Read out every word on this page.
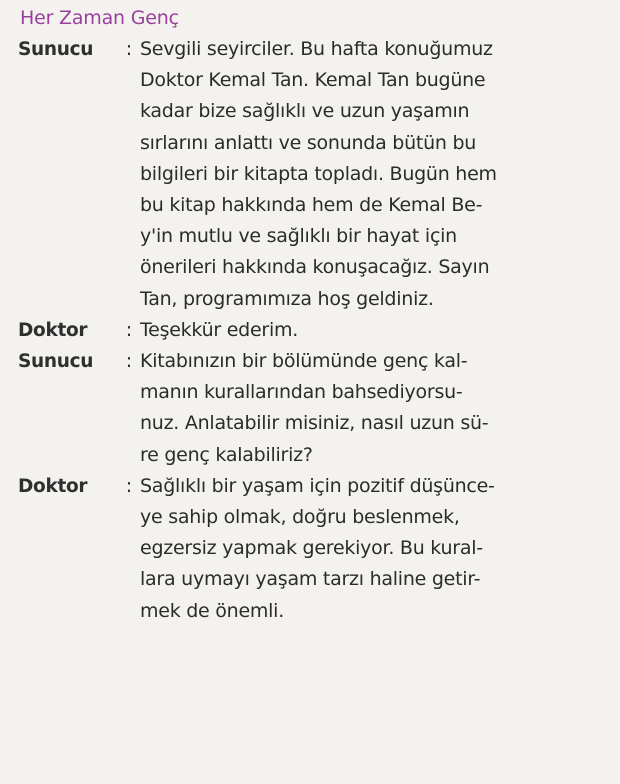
Her Zaman Genç
Sunucu	: Sevgili seyirciler. Bu hafta konuğumuz
Doktor Kemal Tan. Kemal Tan bugüne
kadar bize sağlıklı ve uzun yaşamın
sırlarını anlattı ve sonunda bütün bu
bilgileri bir kitapta topladı. Bugün hem
bu kitap hakkında hem de Kemal Be-
y'in mutlu ve sağlıklı bir hayat için
önerileri hakkında konuşacağız. Sayın
Tan, programımıza hoş geldiniz.
Doktor	: Teşekkür ederim.
Sunucu	: Kitabınızın bir bölümünde genç kal-
manın kurallarından bahsediyorsu-
nuz. Anlatabilir misiniz, nasıl uzun sü-
re genç kalabiliriz?
Doktor	: Sağlıklı bir yaşam için pozitif düşünce-
ye sahip olmak, doğru beslenmek,
egzersiz yapmak gerekiyor. Bu kural-
lara uymayı yaşam tarzı haline getir-
mek de önemli.
